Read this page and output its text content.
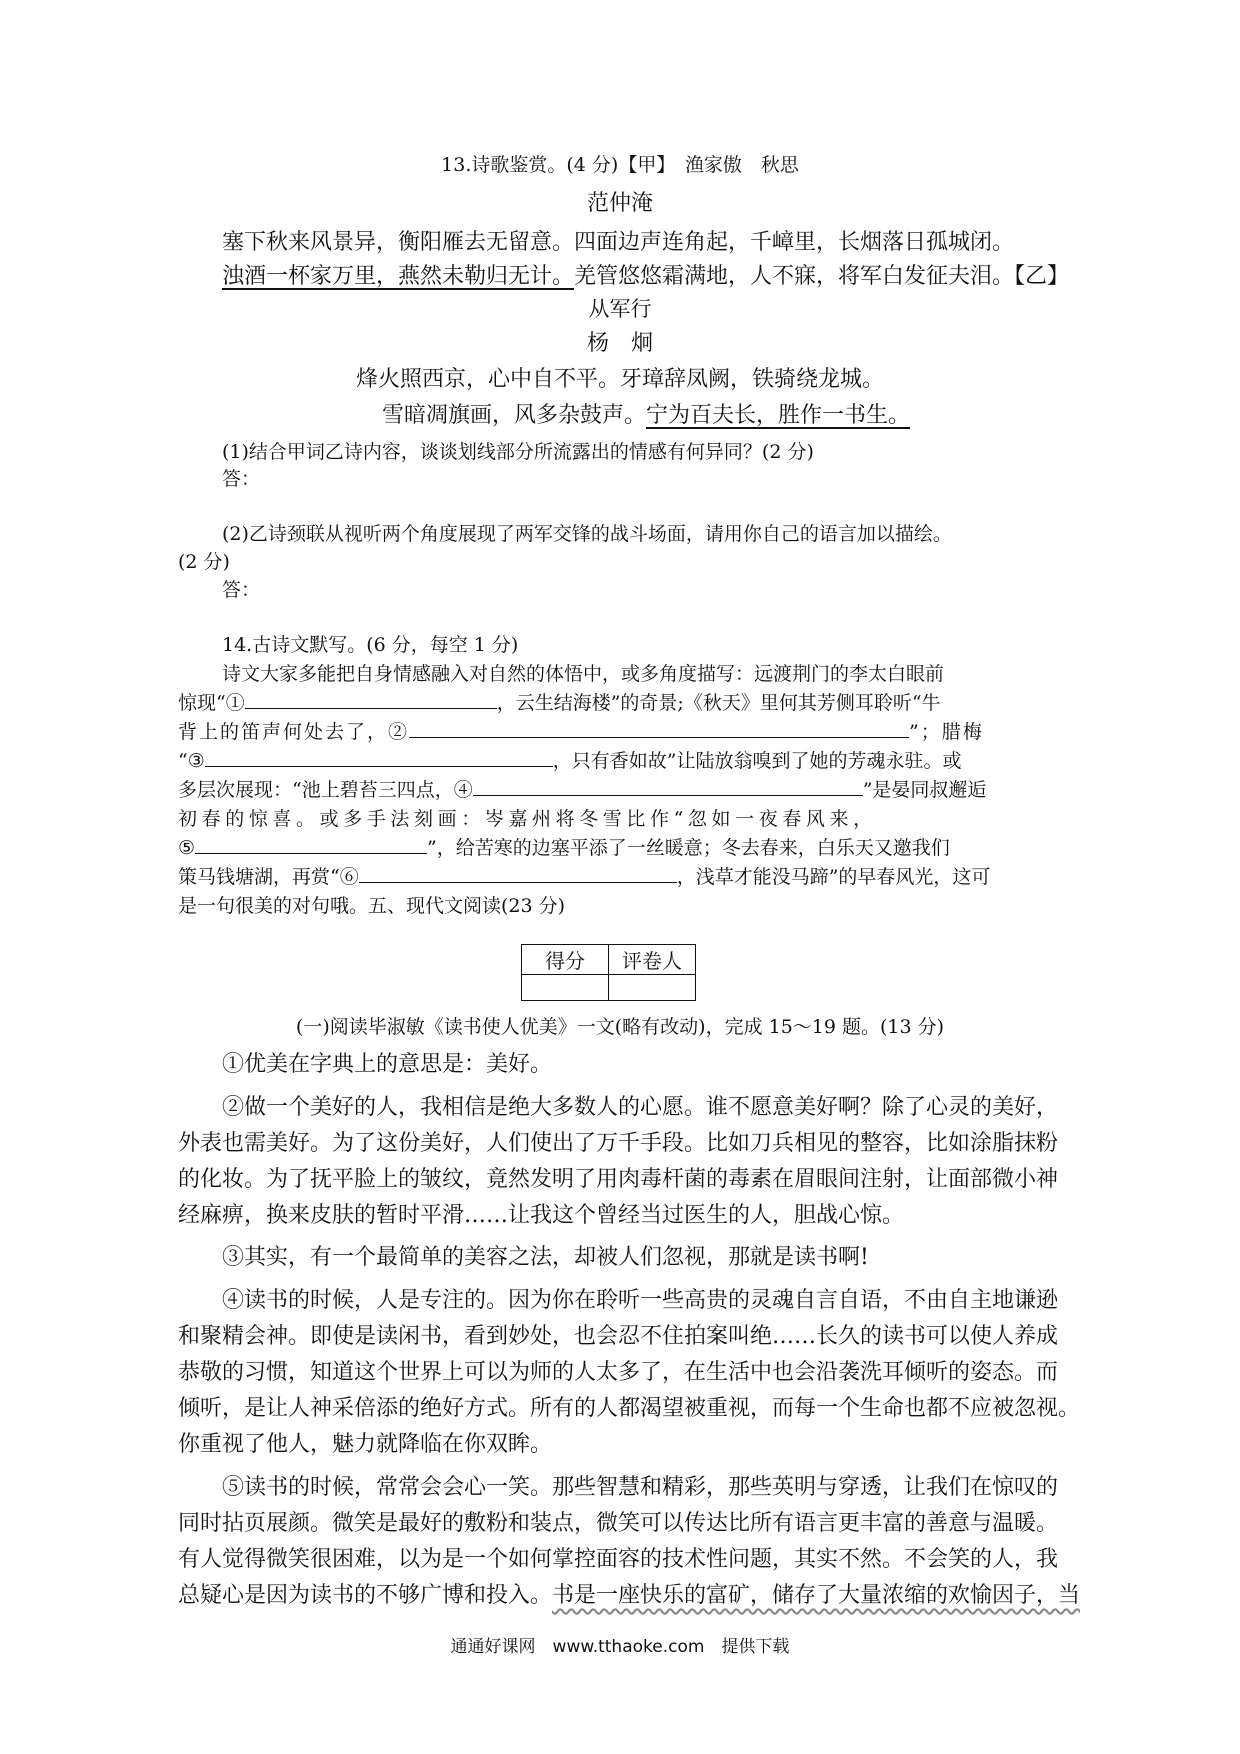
13.诗歌鉴赏。(4 分)【甲】　渔家傲　秋思
范仲淹
塞下秋来风景异，衡阳雁去无留意。四面边声连角起，千嶂里，长烟落日孤城闭。
浊酒一杯家万里，燕然未勒归无计。羌管悠悠霜满地，人不寐，将军白发征夫泪。【乙】
从军行
杨　炯
烽火照西京，心中自不平。牙璋辞凤阙，铁骑绕龙城。
雪暗凋旗画，风多杂鼓声。宁为百夫长，胜作一书生。
(1)结合甲词乙诗内容，谈谈划线部分所流露出的情感有何异同？(2 分)
答：
(2)乙诗颈联从视听两个角度展现了两军交锋的战斗场面，请用你自己的语言加以描绘。
(2 分)
答：
14.古诗文默写。(6 分，每空 1 分)
诗文大家多能把自身情感融入对自然的体悟中，或多角度描写：远渡荆门的李太白眼前
惊现“①	，云生结海楼”的奇景;《秋天》里何其芳侧耳聆听“牛
背上的笛声何处去了，②	”；腊梅
“③	，只有香如故”让陆放翁嗅到了她的芳魂永驻。或
多层次展现：“池上碧苔三四点，④	”是晏同叔邂逅
初春的惊喜。或多手法刻画：岑嘉州将冬雪比作“忽如一夜春风来，
⑤	”，给苦寒的边塞平添了一丝暖意；冬去春来，白乐天又邀我们
策马钱塘湖，再赏“⑥	，浅草才能没马蹄”的早春风光，这可
是一句很美的对句哦。五、现代文阅读(23 分)
得分	评卷人

(一)阅读毕淑敏《读书使人优美》一文(略有改动)，完成 15～19 题。(13 分)
①优美在字典上的意思是：美好。
②做一个美好的人，我相信是绝大多数人的心愿。谁不愿意美好啊？除了心灵的美好，
外表也需美好。为了这份美好，人们使出了万千手段。比如刀兵相见的整容，比如涂脂抹粉
的化妆。为了抚平脸上的皱纹，竟然发明了用肉毒杆菌的毒素在眉眼间注射，让面部微小神
经麻痹，换来皮肤的暂时平滑……让我这个曾经当过医生的人，胆战心惊。
③其实，有一个最简单的美容之法，却被人们忽视，那就是读书啊!
④读书的时候，人是专注的。因为你在聆听一些高贵的灵魂自言自语，不由自主地谦逊
和聚精会神。即使是读闲书，看到妙处，也会忍不住拍案叫绝……长久的读书可以使人养成
恭敬的习惯，知道这个世界上可以为师的人太多了，在生活中也会沿袭洗耳倾听的姿态。而
倾听，是让人神采倍添的绝好方式。所有的人都渴望被重视，而每一个生命也都不应被忽视。
你重视了他人，魅力就降临在你双眸。
⑤读书的时候，常常会会心一笑。那些智慧和精彩，那些英明与穿透，让我们在惊叹的
同时拈页展颜。微笑是最好的敷粉和装点，微笑可以传达比所有语言更丰富的善意与温暖。
有人觉得微笑很困难，以为是一个如何掌控面容的技术性问题，其实不然。不会笑的人，我
总疑心是因为读书的不够广博和投入。书是一座快乐的富矿，储存了大量浓缩的欢愉因子，当
通通好课网　www.tthaoke.com　提供下载
